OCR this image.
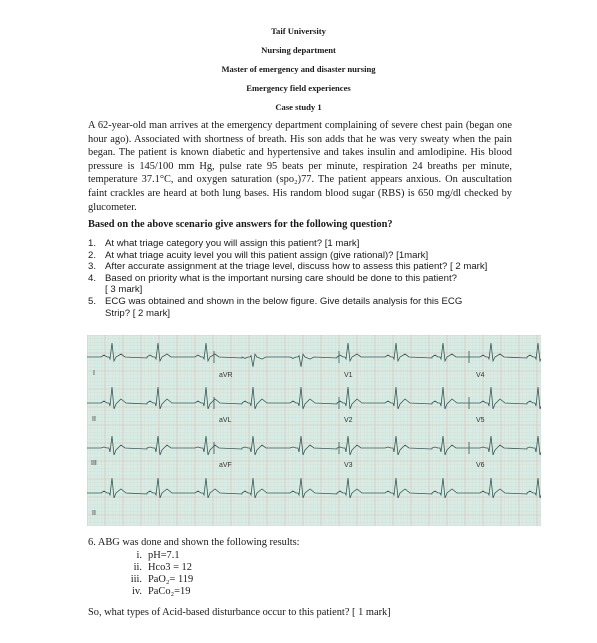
Taif University
Nursing department
Master of emergency and disaster nursing
Emergency field experiences
Case study 1
A 62-year-old man arrives at the emergency department complaining of severe chest pain (began one hour ago). Associated with shortness of breath. His son adds that he was very sweaty when the pain began. The patient is known diabetic and hypertensive and takes insulin and amlodipine. His blood pressure is 145/100 mm Hg, pulse rate 95 beats per minute, respiration 24 breaths per minute, temperature 37.1°C, and oxygen saturation (spo₂)77. The patient appears anxious. On auscultation faint crackles are heard at both lung bases. His random blood sugar (RBS) is 650 mg/dl checked by glucometer.
Based on the above scenario give answers for the following question?
1. At what triage category you will assign this patient? [1 mark]
2. At what triage acuity level you will this patient assign (give rational)? [1mark]
3. After accurate assignment at the triage level, discuss how to assess this patient? [ 2 mark]
4. Based on priority what is the important nursing care should be done to this patient? [ 3 mark]
5. ECG was obtained and shown in the below figure. Give details analysis for this ECG Strip? [ 2 mark]
I
II
III
II
aVR
aVL
aVF
V1
V2
V3
V4
V5
V6
6. ABG was done and shown the following results:
i. pH=7.1
ii. Hco3 = 12
iii. PaO₂= 119
iv. PaCo₂=19
So, what types of Acid-based disturbance occur to this patient? [ 1 mark]
